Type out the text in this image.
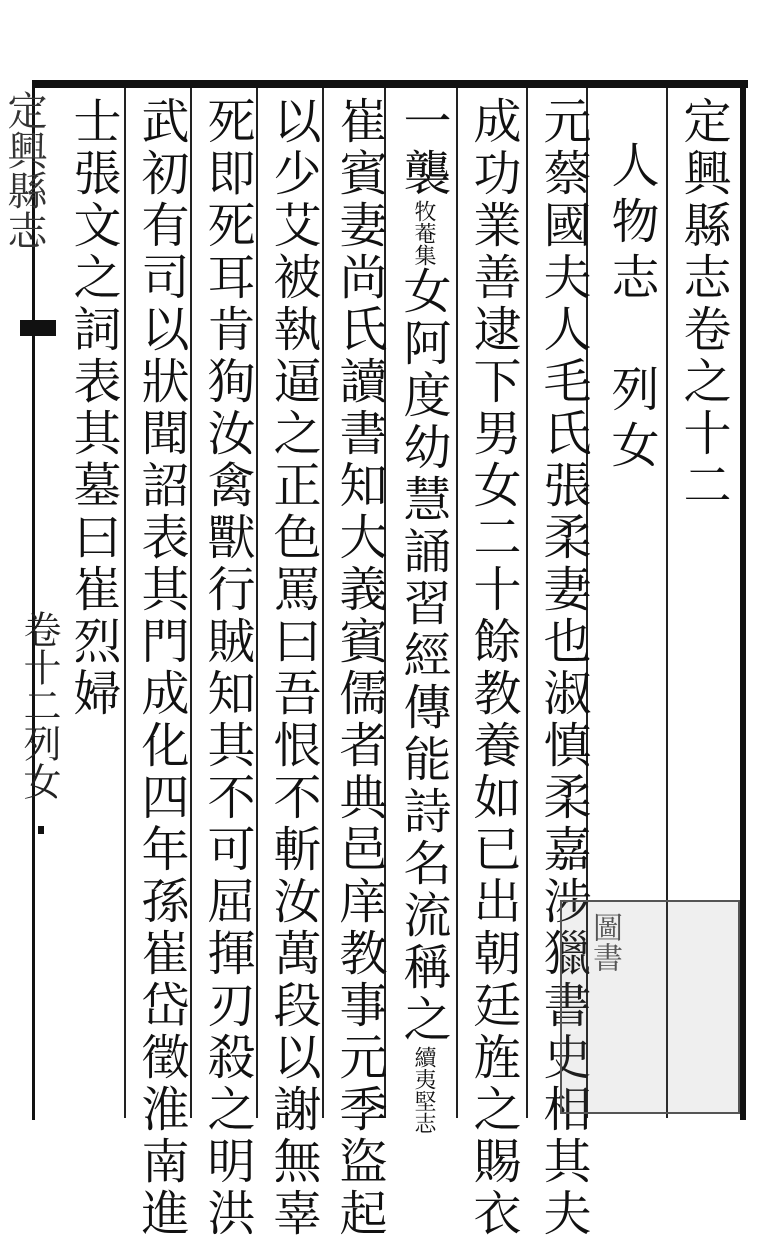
定興縣志卷之十二
人物志　列女
元蔡國夫人毛氏張柔妻也淑慎柔嘉涉獵書史相其夫
成功業善逮下男女二十餘教養如已出朝廷旌之賜衣
一襲牧菴集女阿度幼慧誦習經傳能詩名流稱之續夷堅志
崔賓妻尚氏讀書知大義賓儒者典邑庠教事元季盜起
以少艾被執逼之正色罵曰吾恨不斬汝萬段以謝無辜
死即死耳肯狥汝禽獸行賊知其不可屈揮刃殺之明洪
武初有司以狀聞詔表其門成化四年孫崔岱徵淮南進
士張文之詞表其墓曰崔烈婦
定興縣志
卷十二列女
圖書
